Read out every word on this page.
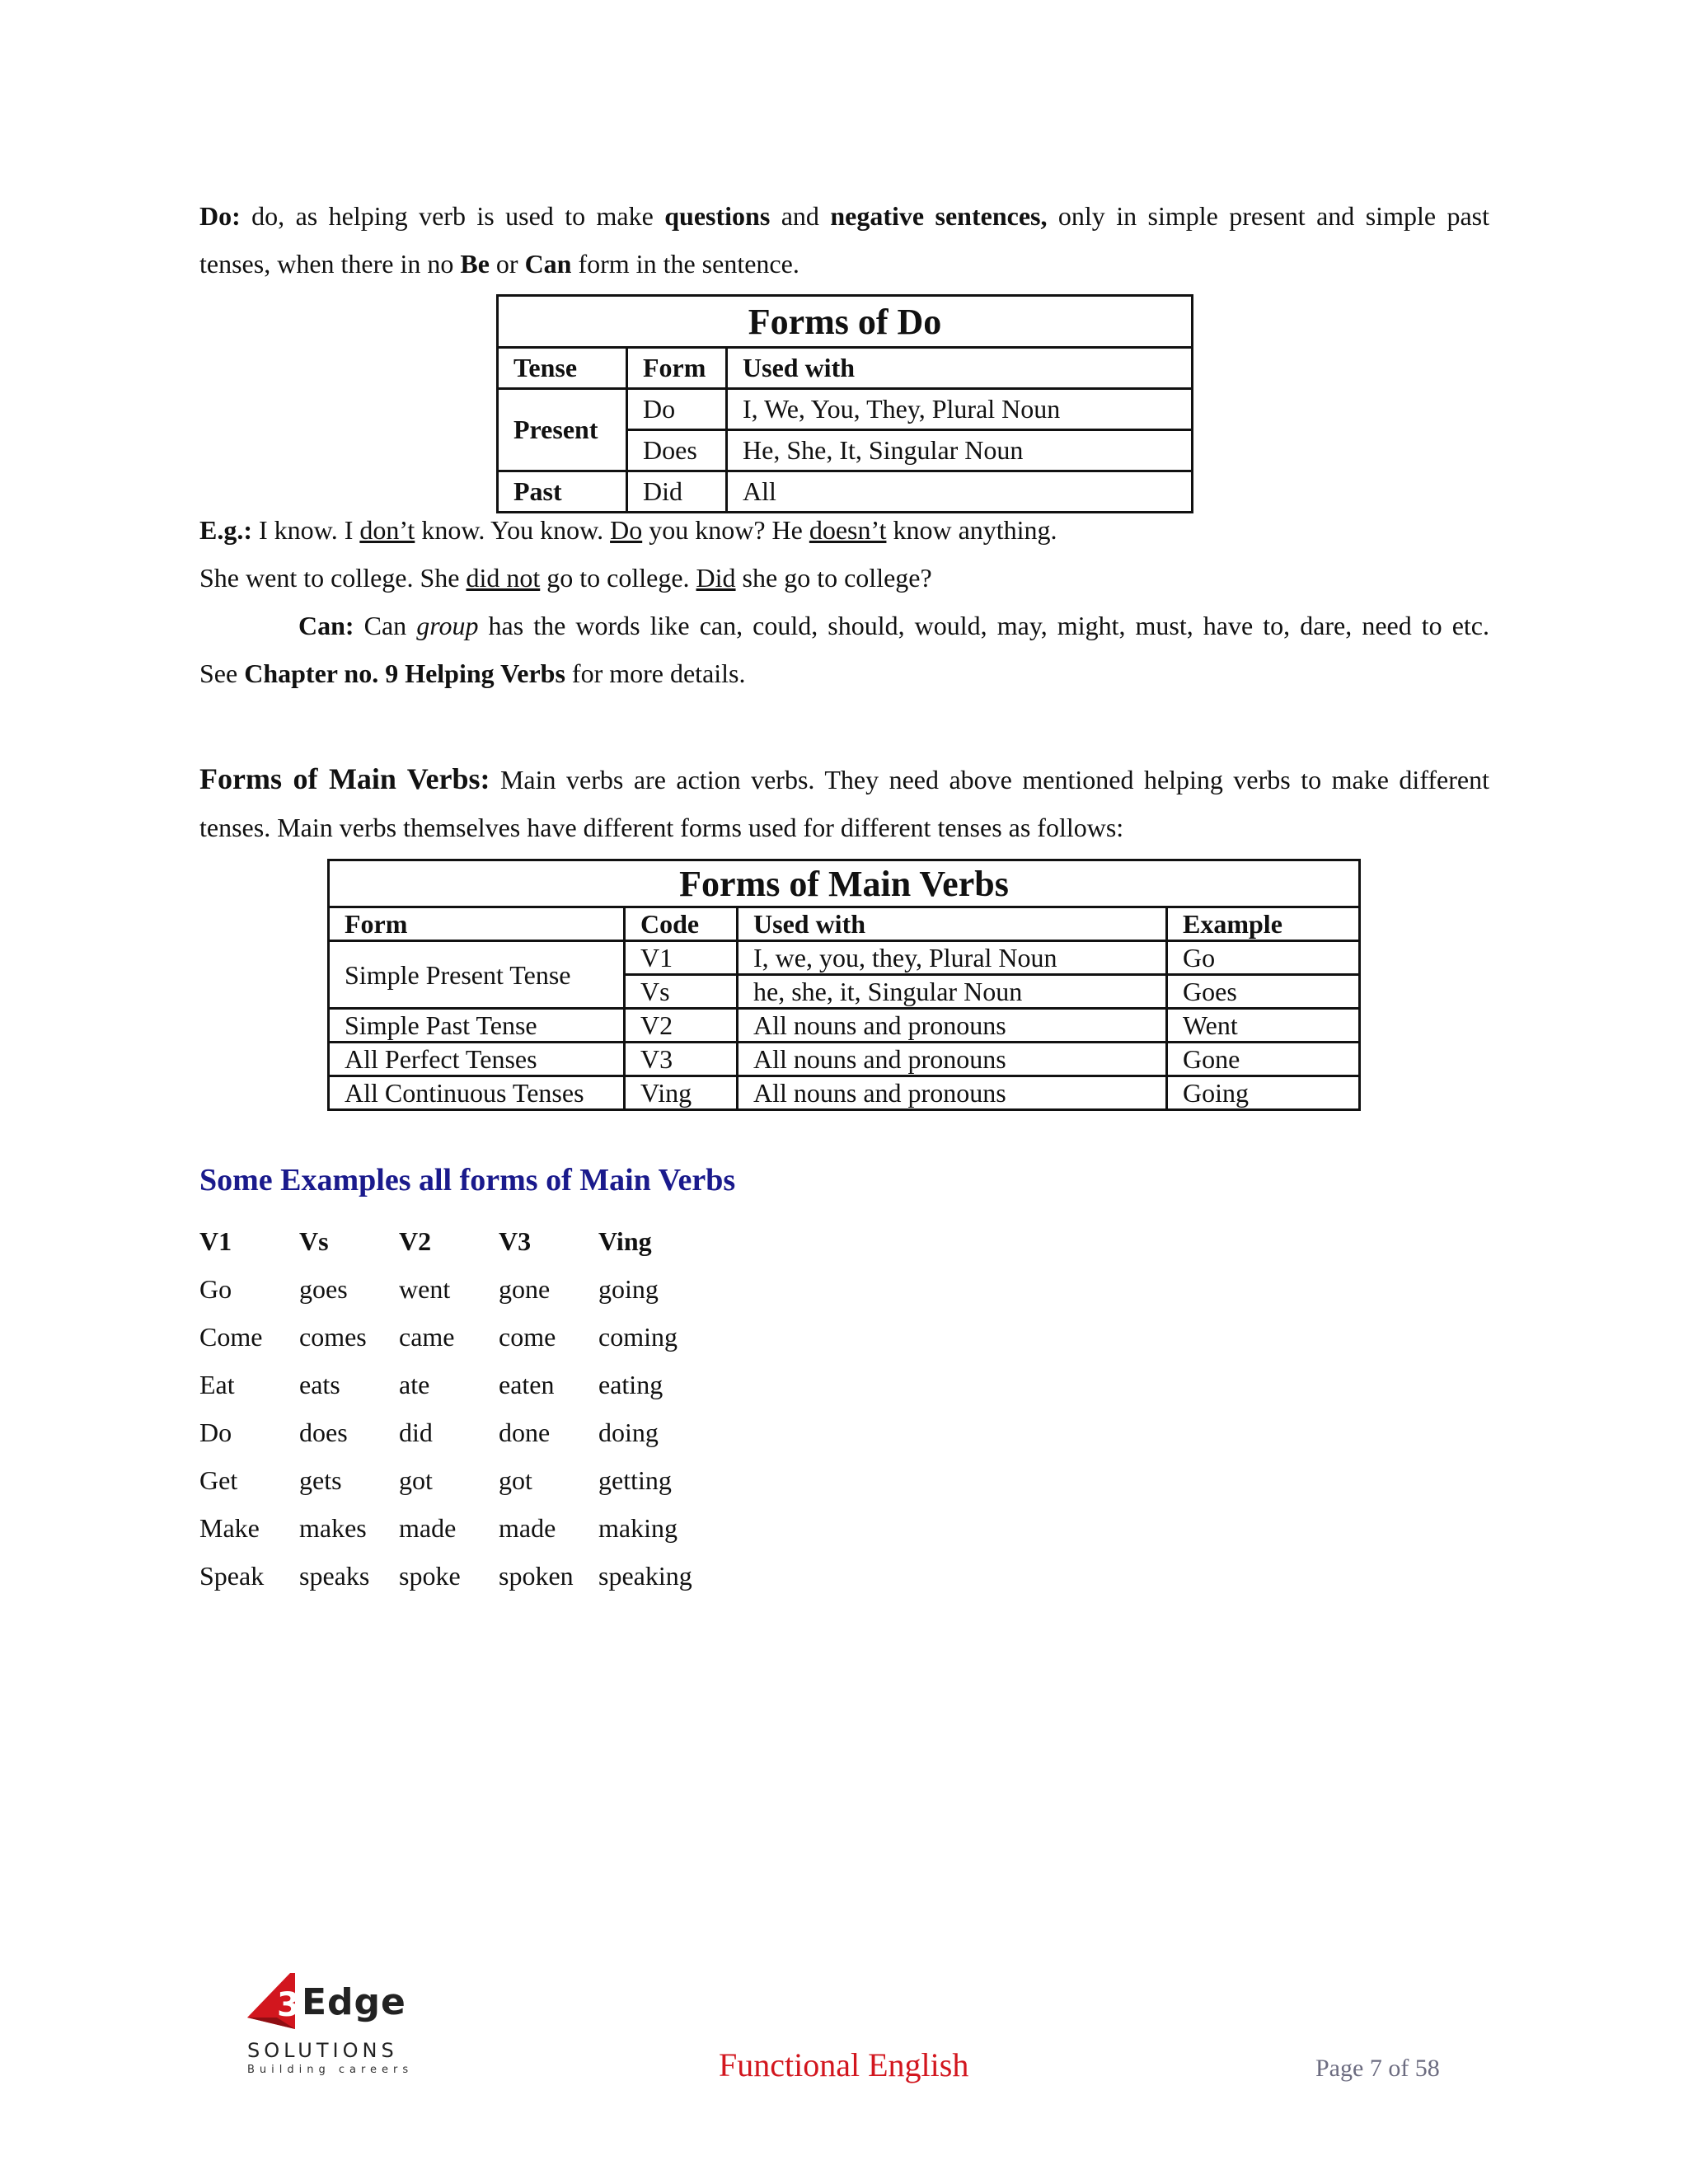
Do: do, as helping verb is used to make questions and negative sentences, only in simple present and simple past

tenses, when there in no Be or Can form in the sentence.

Forms of Do		
Tense	Form	Used with
Present	Do	I, We, You, They, Plural Noun
	Does	He, She, It, Singular Noun
Past	Did	All

E.g.: I know. I don’t know. You know. Do you know? He doesn’t know anything.

She went to college. She did not go to college. Did she go to college?

Can: Can group has the words like can, could, should, would, may, might, must, have to, dare, need to etc.

See Chapter no. 9 Helping Verbs for more details.

Forms of Main Verbs: Main verbs are action verbs. They need above mentioned helping verbs to make different

tenses. Main verbs themselves have different forms used for different tenses as follows:

Forms of Main Verbs			
Form	Code	Used with	Example
Simple Present Tense	V1	I, we, you, they, Plural Noun	Go
	Vs	he, she, it, Singular Noun	Goes
Simple Past Tense	V2	All nouns and pronouns	Went
All Perfect Tenses	V3	All nouns and pronouns	Gone
All Continuous Tenses	Ving	All nouns and pronouns	Going
Some Examples all forms of Main Verbs
V1	Vs	V2	V3	Ving
Go	goes	went	gone	going
Come	comes	came	come	coming
Eat	eats	ate	eaten	eating
Do	does	did	done	doing
Get	gets	got	got	getting
Make	makes	made	made	making
Speak	speaks	spoke	spoken speaking
3 Edge
SOLUTIONS
Building careers	Functional English	Page 7 of 58
